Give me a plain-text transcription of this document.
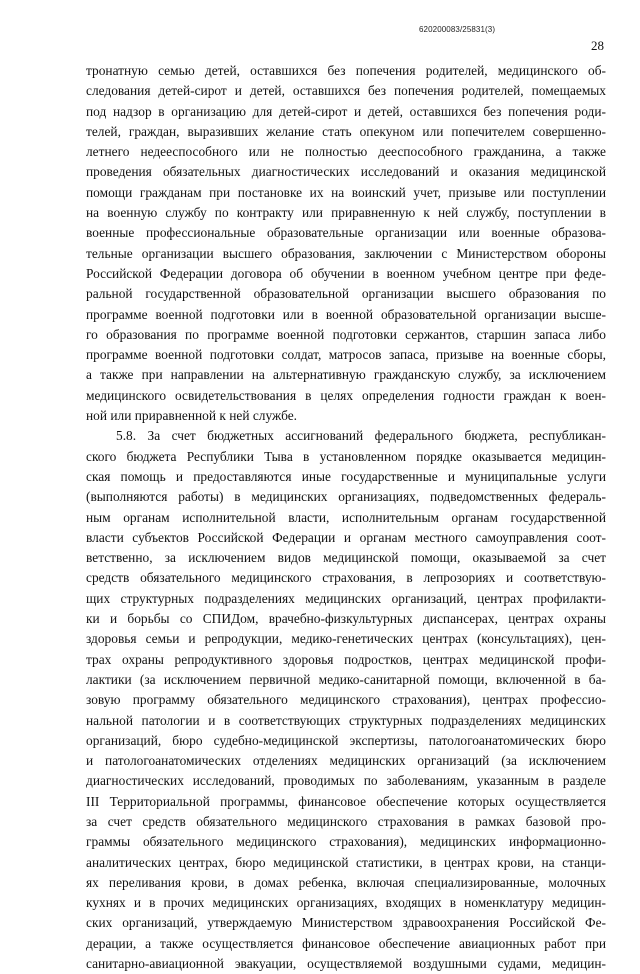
620200083/25831(3)
28
тронатную семью детей, оставшихся без попечения родителей, медицинского об-
следования детей-сирот и детей, оставшихся без попечения родителей, помещаемых
под надзор в организацию для детей-сирот и детей, оставшихся без попечения роди-
телей, граждан, выразивших желание стать опекуном или попечителем совершенно-
летнего недееспособного или не полностью дееспособного гражданина, а также
проведения обязательных диагностических исследований и оказания медицинской
помощи гражданам при постановке их на воинский учет, призыве или поступлении
на военную службу по контракту или приравненную к ней службу, поступлении в
военные профессиональные образовательные организации или военные образова-
тельные организации высшего образования, заключении с Министерством обороны
Российской Федерации договора об обучении в военном учебном центре при феде-
ральной государственной образовательной организации высшего образования по
программе военной подготовки или в военной образовательной организации высше-
го образования по программе военной подготовки сержантов, старшин запаса либо
программе военной подготовки солдат, матросов запаса, призыве на военные сборы,
а также при направлении на альтернативную гражданскую службу, за исключением
медицинского освидетельствования в целях определения годности граждан к воен-
ной или приравненной к ней службе.
5.8. За счет бюджетных ассигнований федерального бюджета, республикан-
ского бюджета Республики Тыва в установленном порядке оказывается медицин-
ская помощь и предоставляются иные государственные и муниципальные услуги
(выполняются работы) в медицинских организациях, подведомственных федераль-
ным органам исполнительной власти, исполнительным органам государственной
власти субъектов Российской Федерации и органам местного самоуправления соот-
ветственно, за исключением видов медицинской помощи, оказываемой за счет
средств обязательного медицинского страхования, в лепрозориях и соответствую-
щих структурных подразделениях медицинских организаций, центрах профилакти-
ки и борьбы со СПИДом, врачебно-физкультурных диспансерах, центрах охраны
здоровья семьи и репродукции, медико-генетических центрах (консультациях), цен-
трах охраны репродуктивного здоровья подростков, центрах медицинской профи-
лактики (за исключением первичной медико-санитарной помощи, включенной в ба-
зовую программу обязательного медицинского страхования), центрах профессио-
нальной патологии и в соответствующих структурных подразделениях медицинских
организаций, бюро судебно-медицинской экспертизы, патологоанатомических бюро
и патологоанатомических отделениях медицинских организаций (за исключением
диагностических исследований, проводимых по заболеваниям, указанным в разделе
III Территориальной программы, финансовое обеспечение которых осуществляется
за счет средств обязательного медицинского страхования в рамках базовой про-
граммы обязательного медицинского страхования), медицинских информационно-
аналитических центрах, бюро медицинской статистики, в центрах крови, на станци-
ях переливания крови, в домах ребенка, включая специализированные, молочных
кухнях и в прочих медицинских организациях, входящих в номенклатуру медицин-
ских организаций, утверждаемую Министерством здравоохранения Российской Фе-
дерации, а также осуществляется финансовое обеспечение авиационных работ при
санитарно-авиационной эвакуации, осуществляемой воздушными судами, медицин-
